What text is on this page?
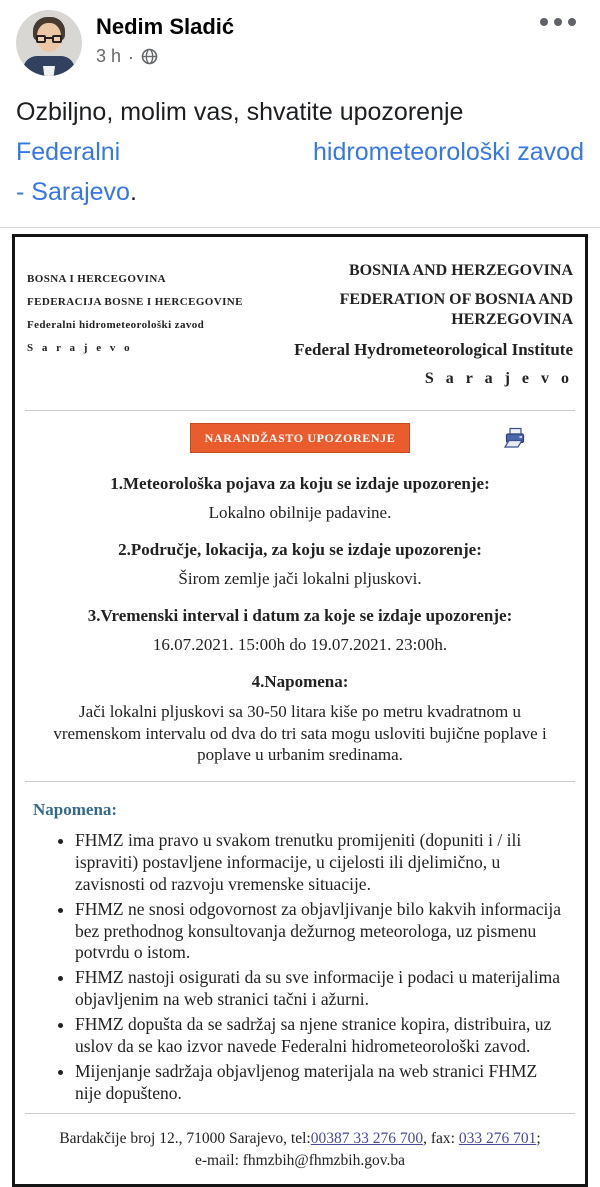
Nedim Sladić
3 h ·
Ozbiljno, molim vas, shvatite upozorenje
Federalni	hidrometeorološki zavod
- Sarajevo.
BOSNA I HERCEGOVINA
FEDERACIJA BOSNE I HERCEGOVINE
Federalni hidrometeorološki zavod
S a r a j e v o
BOSNIA AND HERZEGOVINA
FEDERATION OF BOSNIA AND HERZEGOVINA
Federal Hydrometeorological Institute
S a r a j e v o
NARANDŽASTO UPOZORENJE
1.Meteorološka pojava za koju se izdaje upozorenje:
Lokalno obilnije padavine.
2.Područje, lokacija, za koju se izdaje upozorenje:
Širom zemlje jači lokalni pljuskovi.
3.Vremenski interval i datum za koje se izdaje upozorenje:
16.07.2021. 15:00h do 19.07.2021. 23:00h.
4.Napomena:
Jači lokalni pljuskovi sa 30-50 litara kiše po metru kvadratnom u vremenskom intervalu od dva do tri sata mogu usloviti bujične poplave i poplave u urbanim sredinama.
Napomena:
• FHMZ ima pravo u svakom trenutku promijeniti (dopuniti i / ili ispraviti) postavljene informacije, u cijelosti ili djelimično, u zavisnosti od razvoju vremenske situacije.
• FHMZ ne snosi odgovornost za objavljivanje bilo kakvih informacija bez prethodnog konsultovanja dežurnog meteorologa, uz pismenu potvrdu o istom.
• FHMZ nastoji osigurati da su sve informacije i podaci u materijalima objavljenim na web stranici tačni i ažurni.
• FHMZ dopušta da se sadržaj sa njene stranice kopira, distribuira, uz uslov da se kao izvor navede Federalni hidrometeorološki zavod.
• Mijenjanje sadržaja objavljenog materijala na web stranici FHMZ nije dopušteno.
Bardakčije broj 12., 71000 Sarajevo, tel:00387 33 276 700, fax: 033 276 701;
e-mail: fhmzbih@fhmzbih.gov.ba
